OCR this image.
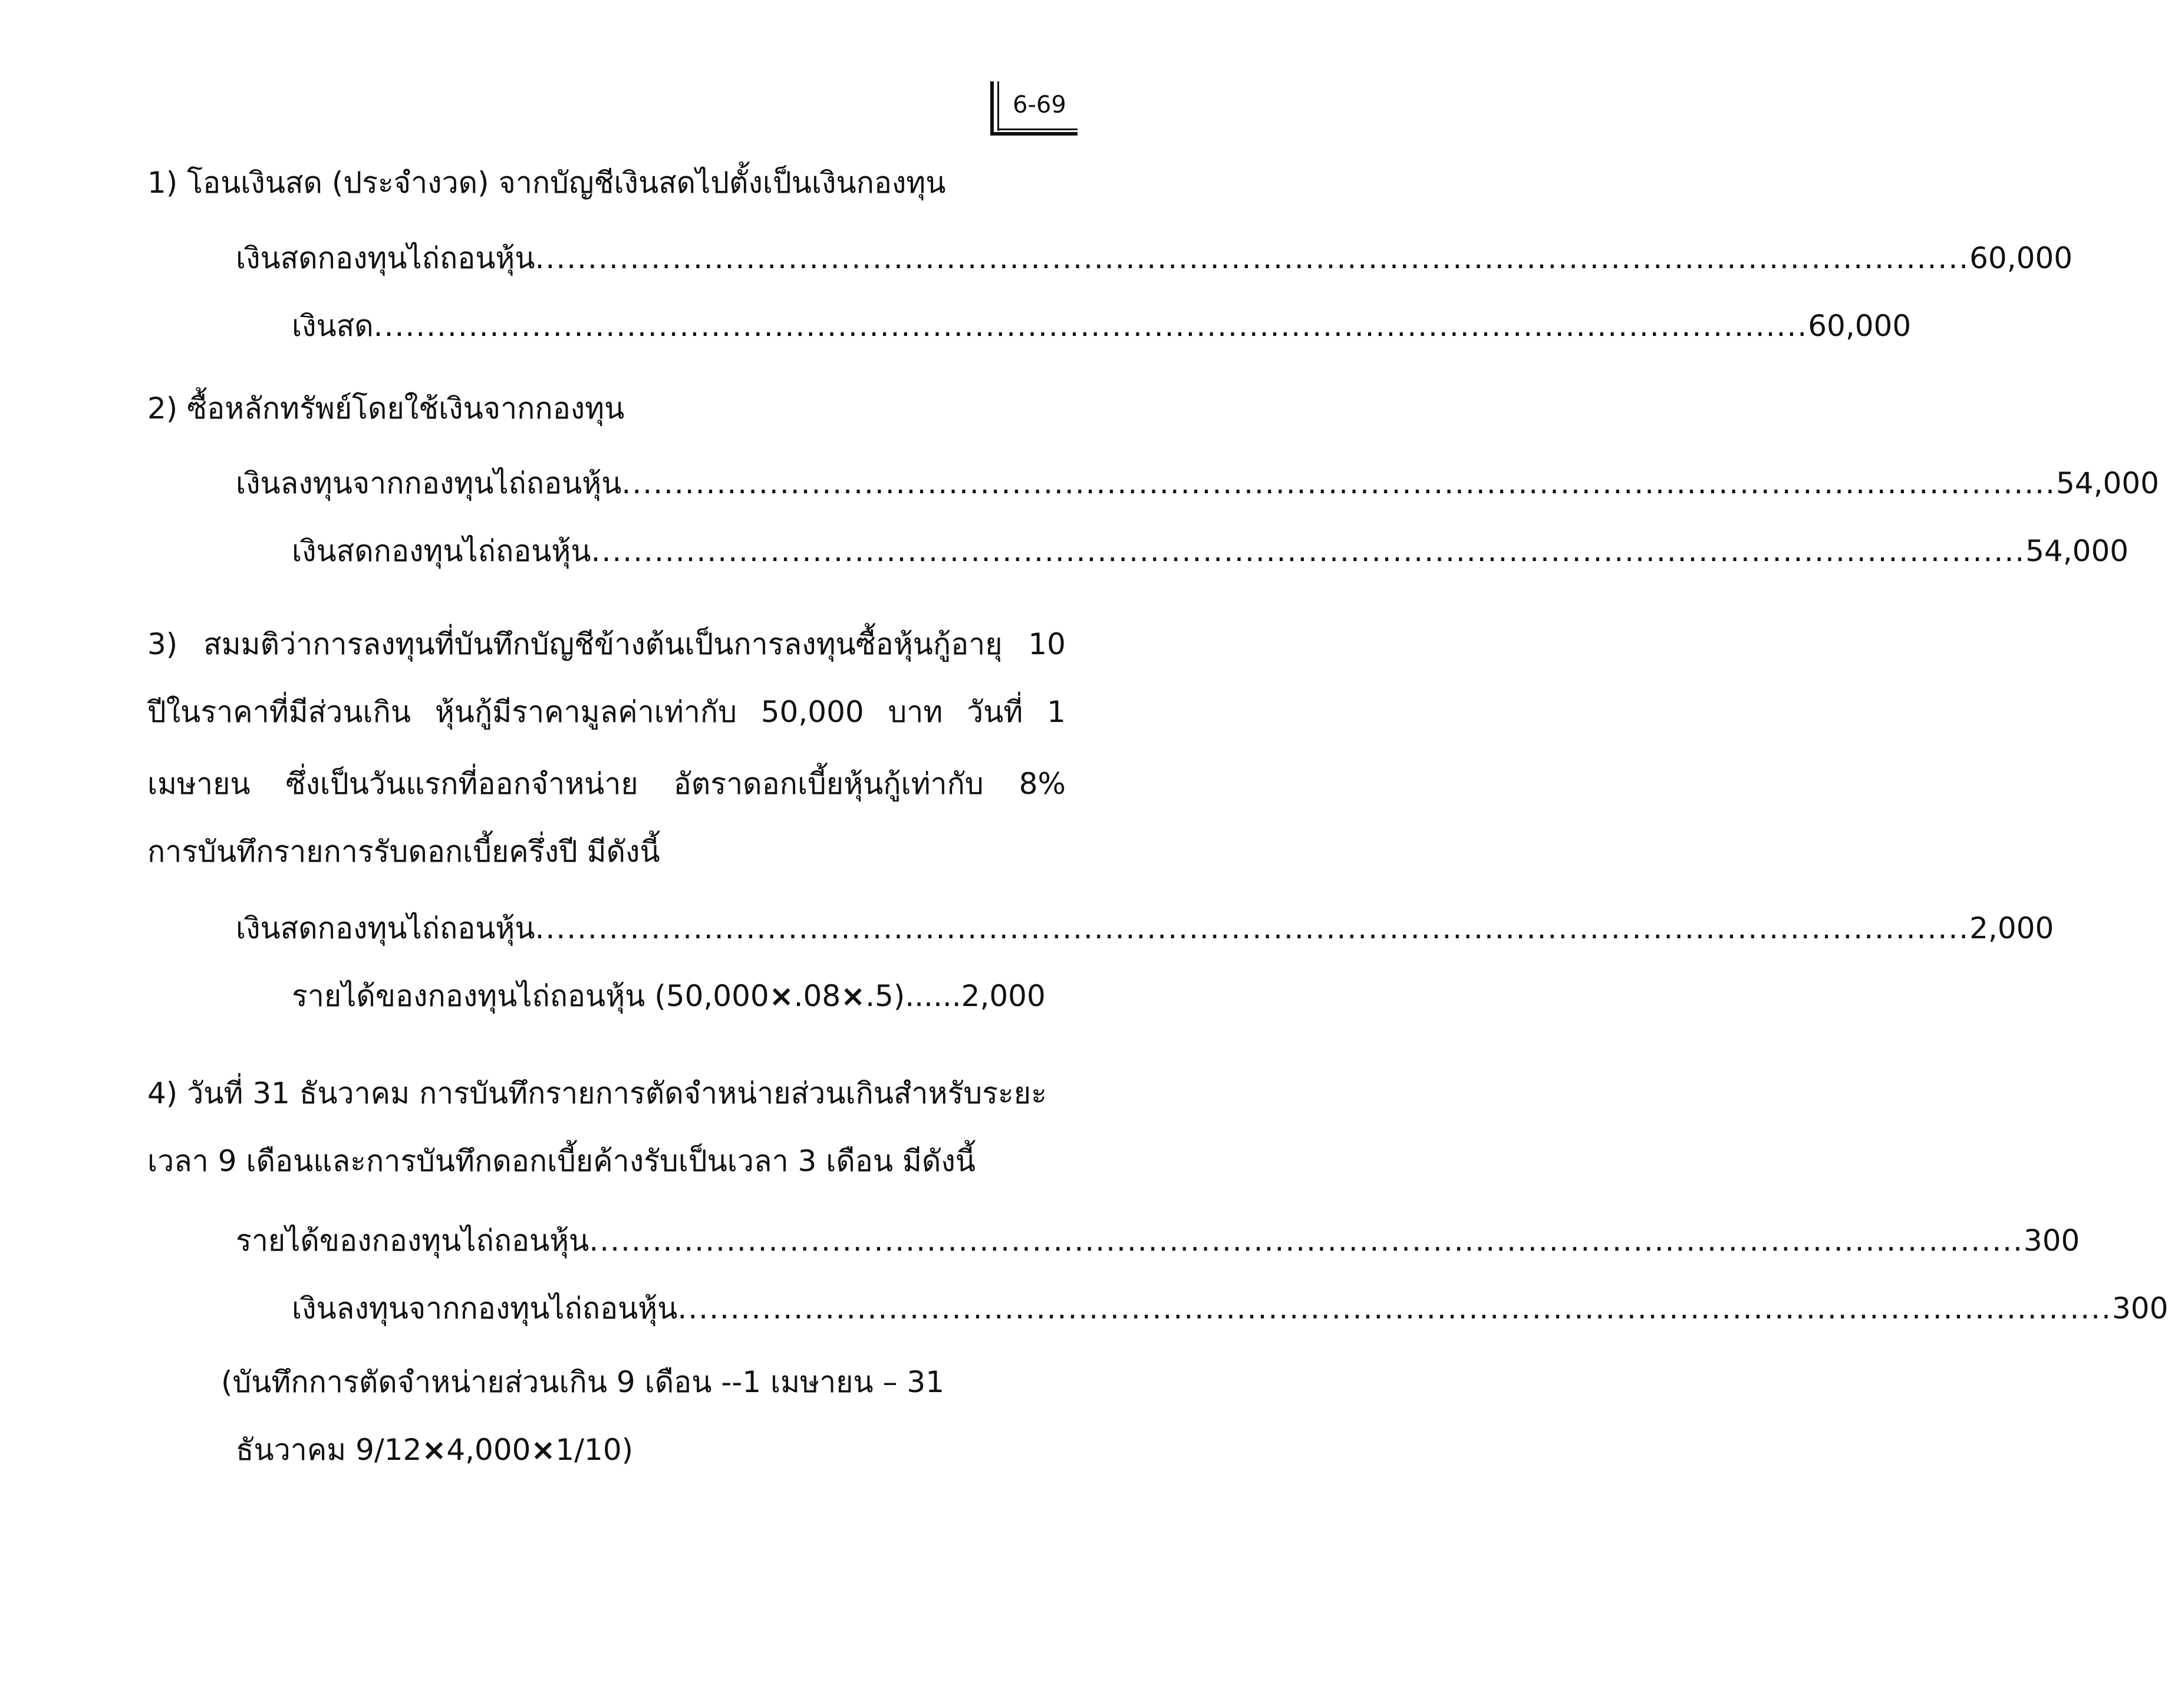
6-69
1) โอนเงินสด (ประจำงวด) จากบัญชีเงินสดไปตั้งเป็นเงินกองทุน
เงินสดกองทุนไถ่ถอนหุ้น ........................................................................................................................................ 60,000
เงินสด ........................................................................................................................................ 60,000
2) ซื้อหลักทรัพย์โดยใช้เงินจากกองทุน
เงินลงทุนจากกองทุนไถ่ถอนหุ้น ........................................................................................................................................ 54,000
เงินสดกองทุนไถ่ถอนหุ้น ........................................................................................................................................ 54,000
3) สมมติว่าการลงทุนที่บันทึกบัญชีข้างต้นเป็นการลงทุนซื้อหุ้นกู้อายุ 10
ปีในราคาที่มีส่วนเกิน หุ้นกู้มีราคามูลค่าเท่ากับ 50,000 บาท วันที่ 1
เมษายน ซึ่งเป็นวันแรกที่ออกจำหน่าย อัตราดอกเบี้ยหุ้นกู้เท่ากับ 8%
การบันทึกรายการรับดอกเบี้ยครึ่งปี มีดังนี้
เงินสดกองทุนไถ่ถอนหุ้น ........................................................................................................................................ 2,000
รายได้ของกองทุนไถ่ถอนหุ้น (50,000×.08×.5)...... 2,000
4) วันที่ 31 ธันวาคม การบันทึกรายการตัดจำหน่ายส่วนเกินสำหรับระยะ
เวลา 9 เดือนและการบันทึกดอกเบี้ยค้างรับเป็นเวลา 3 เดือน มีดังนี้
รายได้ของกองทุนไถ่ถอนหุ้น ........................................................................................................................................ 300
เงินลงทุนจากกองทุนไถ่ถอนหุ้น ........................................................................................................................................ 300
(บันทึกการตัดจำหน่ายส่วนเกิน 9 เดือน --1 เมษายน – 31
ธันวาคม 9/12×4,000×1/10)
